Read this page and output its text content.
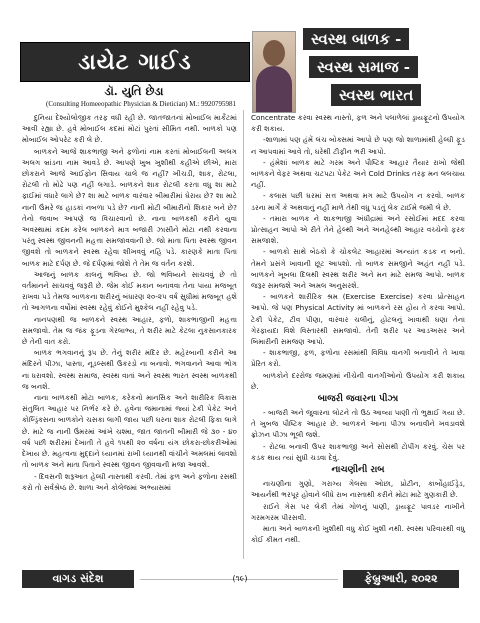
ડાયેટ ગાઈડ
ડૉ. યુતિ છેડા
(Consulting Homeeopathic Physician & Dietician) M.: 9920795981
સ્વસ્થ બાળક -
સ્વસ્થ સમાજ -
સ્વસ્થ ભારત

દુનિયા દેશ્યોલોજીક તરફ વધી રહી છે. જાતજાતનાં મોબાઈલ માર્કેટમાં આવી રહ્યા છે. હવે મોબાઈલ કદમાં મોટાં પુરતાં સીમિત નથી. બાળકો પણ મોબાઈલ ઓપરેટ કરી લે છે.

બાળકને આજે શાકભાજી અને ફળોનાં નામ કરતાં મોબાઈલની અલગ અલગ બ્રાંડના નામ આવડે છે. આપણે ખુબ ખુશીથી કહીએ છીએ, મારા છોકરાને આજે આઈફોન સિવાય ચાલે જ નહીં? ખીચડી, શાક, રોટલા, રોટલી તો મોઢે પણ નહીં લગાડે. બાળકને શાક રોટલી કરતા વધુ શા માટે ફાઈમાં વધારે લાગે છે? શા માટે બાળક વારંવાર બીમારીમાં ઘેરાય છે? શા માટે નાની ઉંમરે જ હાડકાં નબળા પડે છે? નાની મોટી બીમારીનો શિકાર બને છે? તેનો જવાબ આપણે જ વિચારવાનો છે. નાના બાળકથી કરીને યુવા અવસ્થામાં કદમ કરેલ બાળકને માત્ર બજારી ઝાસીને મોટા નથી કરવાના પરંતુ સ્વસ્થ જીવનની મહત્તા સમજાવવાની છે. જો માતા પિતા સ્વસ્થ જીવન જીવશે તો બાળકને સ્વસ્થ રહેવા શીખવવું નહિ પડે. કારણકે માતા પિતા બાળક માટે દર્પણ છે. જે દર્પણમાં જોશે તે તેમ જ વર્તન કરશે.

આજનું બાળક કાલનું ભવિષ્ય છે. જો ભવિષ્યને સાચવવું છે તો વર્તમાનને સાચવવું જરૂરી છે. જેમ કોઈ મકાન બનાવવા તેના પાયા મજબૂત રાખવા પડે તેમજ બાળકના શરીરનું બંધારણ ૨૦-૨૫ વર્ષ સુધીમાં મજબૂત હશે તો આગળના વર્ષોમાં સ્વસ્થ રહેવું કોઈને મુશ્કેલ નહીં રહેવુ પડે.

નાનપણથી જ બાળકને સ્વસ્થ આહાર, ફળો, શાકભાજીની મહત્તા સમજાવો. તેમ જ જંક ફૂડના ગેરલાભ્ય, તે શરીર માટે કેટલા નુકસાનકારક છે તેની વાત કરો.

બાળક ભગવાનનું રૂપ છે. તેનું શરીર મંદિર છે. મહેરબાની કરીને આ મંદિરને પીઝા, પાસ્તા, નૂડલ્સથી ઉકરડો ના બનાવો. ભગવાનને આવા ભોગ ના ધરાવશો. સ્વસ્થ સમાજ, સ્વસ્થ વાતાં અને સ્વસ્થ ભારત સ્વસ્થ બાળકથી જ બનશે.

નાના બાળકથી મોટા બાળક, કરેકનો માનસિક અને શારીરિક વિકાસ સંતુલિત આહાર પર નિર્ભર કરે છે. હવેના જમાનામાં જ્યાં ટેકી પેકેટ અને કોલ્ડ્રિંક્સના બાળકોને ચસકા લાગી જાય પછી ઘરના શાક રોટલી ફિકા લાગે છે. માટે જ નાની ઉંમરમાં આંખે ચશ્મા, જાત જાતની બીમારી જે ૩૦ - ૪૦ વર્ષ પછી શરીરમાં દેખાતી તે હવે ૧૫થી ૨૦ વર્ષના યંગ છોકરા-છોકરીઓમાં દેખાય છે. મહત્વના મુદ્દાને ધ્યાનમાં રાખી ધ્યાનથી વાંચીને અમલમાં લાવશો તો બાળક અને માતા પિતાને સ્વસ્થ જીવન જીવવાની મજા આવશે.

- દિવસની શરૂઆત હેલ્ધી નાસ્તાથી કરવી. તેમાં ફળ અને ફળોના રસથી કરો તો સર્વશ્રેષ્ઠ છે. શાળા અને કોલેજમાં અભ્યાસમાં

Concentrate કરવા સ્વસ્થ નાસ્તો, ફળ અને પલાળેલાં ડ્રાયફ્રૂટનો ઉપયોગ કરી શકાય.

-શાળામાં પણ હંમેં લંચ બોક્સમાં આપો છે પણ જો શાળામાંથી હેલ્ધી ફૂડ ન આપવામાં આવે તો, ઘરેથી ટીફીન ભરી આપો.

- હંમેશાં બાળક માટે ગરમ અને પૌષ્ટિક આહાર તૈયાર રાખો જેથી બાળકને વેફર અથવા ચટપટા પેકેટ અને Cold Drinks તરફ મન લલચાય નહીં.

- કલાસ પછી ઘરમાં સત્ત અથવા મગ માટે ઉપયોગ ન કરવો. બાળક ડરના માર્ગે કે અથવાનું નહીં માળે તેથી વધુ પડતું લેક ટાઈમે જમી લે છે.

- તમારા બાળક ને શાકભાજી અંધીદ્રામાં અને રસોઈમાં મદદ કરવા પ્રોત્સાહન આપો એ રીતે તેને હેલ્થી અને અનહેલ્થી આહાર વચ્ચેનો ફરક સમજાશે.

- બાળકો સાથે બેઠકો કે ચોકલેટ આહારમાં અન્યાંત કડક ન બનો. તેમને પ્રસંગે ખાવાની છૂટ આપશો. તો બાળક સમજીને અહંત નહીં પડે. બાળકને ખૂબલા દિલથી સ્વસ્થ શરીર અને મન માટે સમજ આપો. બાળક જરૂર સમજશે અને અમલ અનુસરશે.

- બાળકને શારીરિક શ્રમ (Exercise Exercise) કરવા પ્રોત્સાહન આપો. જે પણ Physical Activity માં બાળકને રસ હોય તે કરવા આપો. ટેકી પેકેટ, ટીવ પીણા, વારંવાર ચલીનું, હોટલનું ખાવાથી ઘણા તેના ગેરફાયદા વિશે વિસ્તારથી સમજાવો. તેની શરીર પર આડઅસર અને બિમારીની સમજણ આપો.

- શાકભાજી, ફળ, ફળોના રસમાંથી વિવિધ વાનગી બનાવીને તે ખાવા પ્રેરિત કરો.

બાળકોને દરરોજ જમણમાં નીચેની વાનગીઓનો ઉપયોગ કરી શકાય છે.

બાજરી જવારના પીઝા

- બાજરી અને જુવારના લોટને તો ઉઠ આવ્યા પાણી તો ભુક્ષાઈ ગયા છે. તે ખુબજ પૌષ્ટિક આહાર છે. બાળકને આના પીઝા બનાવીને ખવડાવશે ફ્રોઝન પીઝા ભૂલી જશે.

- રોટલા બનાવી ઉપર શાકભાજી અને સોસથી ટોપીંગ કરવું. ચેસ પર કડક થાય ત્યાં સુધી ચડવા દેવું.

નાચણીની રાબ

નાચણીના ગુણો, ગરાગ્ય ગેલસા ઓછા, પ્રોટીન, કાર્બોહાઈડ્રેડ, આયર્નથી ભરપૂર હોવાને લીધે રાબ નાસ્તાથી કરીને મોટા માટે ગુણકારી છે.

રાઈને ગેસ પર લેકી તેમાં ગોળનું પાણી, ડ્રાયફ્રૂટ પાવડર નાખીને ગરમગરમ પીરસવી.

માતા અને બાળકની ખુશીથી વધુ કોઈ ખુશી નથી. સ્વસ્થ પરિવારથી વધુ કોઈ કીમત નથી.

વાગડ સંદેશ	(૧૯)	ફેબ્રુઆરી, ૨૦૨૨
